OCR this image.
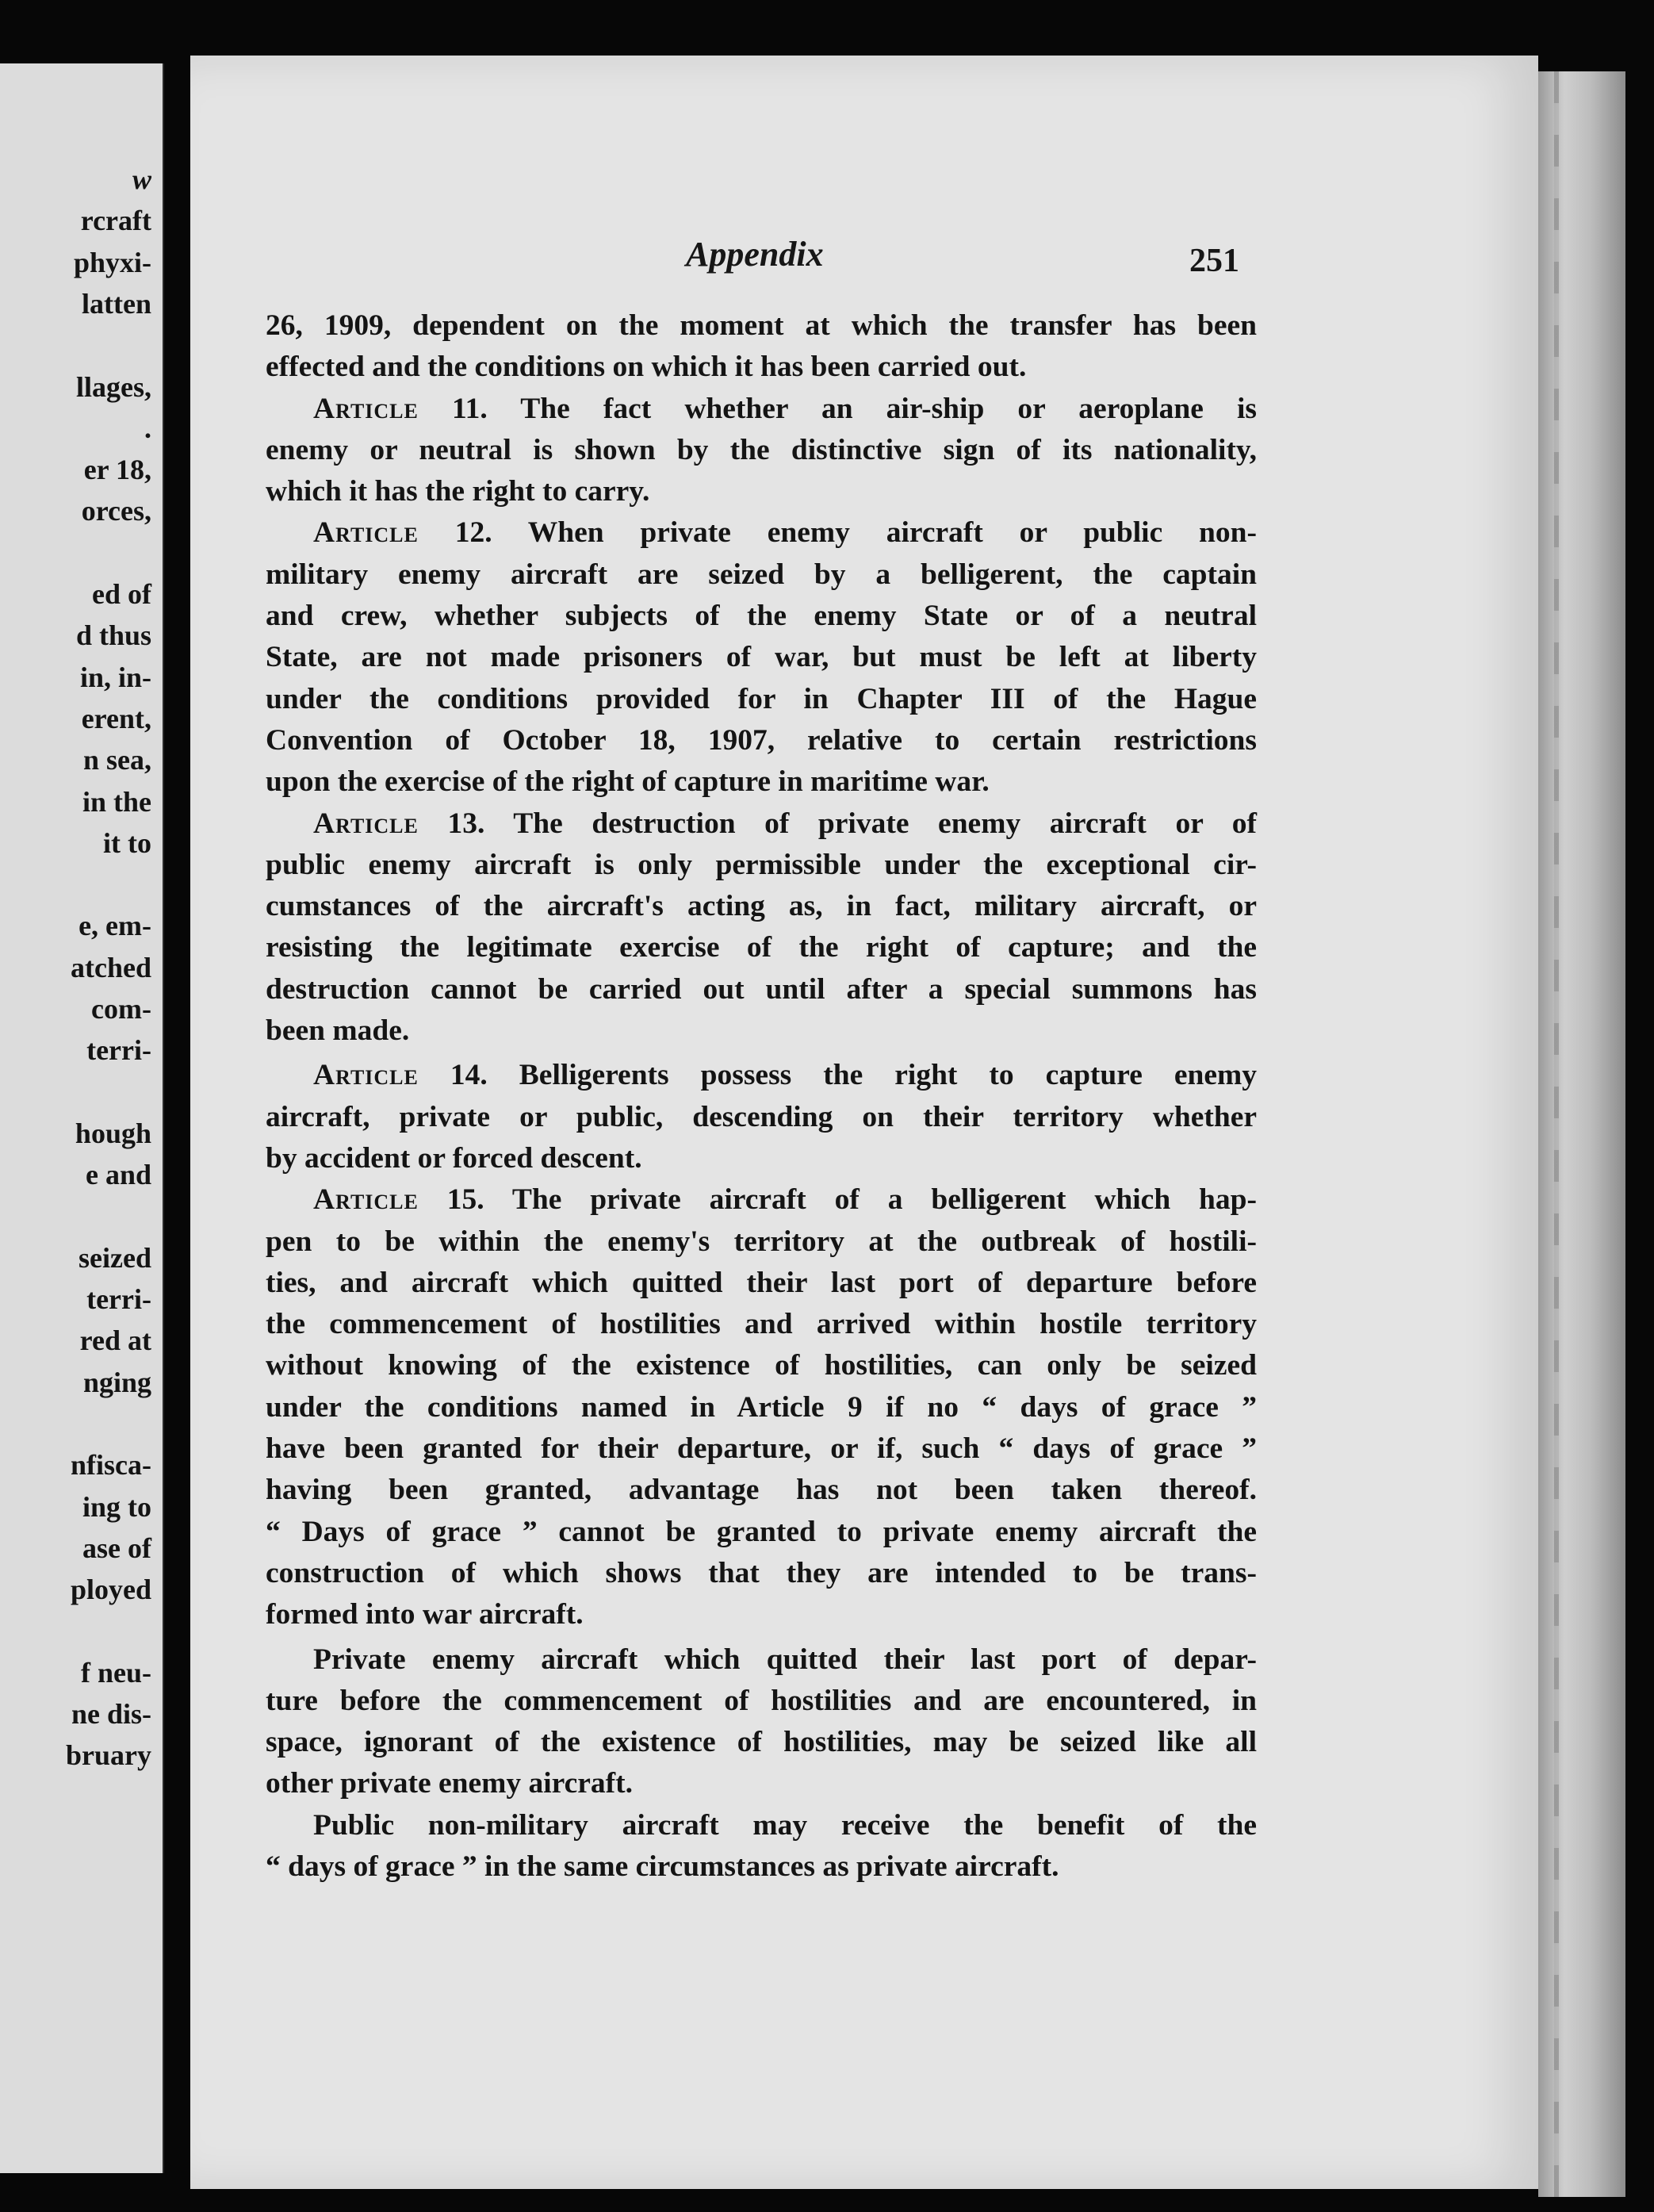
w
rcraft
phyxi-
latten
llages,
.
er 18,
orces,
ed of
d thus
in, in-
erent,
n sea,
in the
it to
e, em-
atched
com-
terri-
hough
e and
seized
terri-
red at
nging
nfisca-
ing to
ase of
ployed
f neu-
ne dis-
bruary
Appendix	251
26, 1909, dependent on the moment at which the transfer has been
effected and the conditions on which it has been carried out.
Article 11. The fact whether an air-ship or aeroplane is
enemy or neutral is shown by the distinctive sign of its nationality,
which it has the right to carry.
Article 12. When private enemy aircraft or public non-
military enemy aircraft are seized by a belligerent, the captain
and crew, whether subjects of the enemy State or of a neutral
State, are not made prisoners of war, but must be left at liberty
under the conditions provided for in Chapter III of the Hague
Convention of October 18, 1907, relative to certain restrictions
upon the exercise of the right of capture in maritime war.
Article 13. The destruction of private enemy aircraft or of
public enemy aircraft is only permissible under the exceptional cir-
cumstances of the aircraft's acting as, in fact, military aircraft, or
resisting the legitimate exercise of the right of capture; and the
destruction cannot be carried out until after a special summons has
been made.
Article 14. Belligerents possess the right to capture enemy
aircraft, private or public, descending on their territory whether
by accident or forced descent.
Article 15. The private aircraft of a belligerent which hap-
pen to be within the enemy's territory at the outbreak of hostili-
ties, and aircraft which quitted their last port of departure before
the commencement of hostilities and arrived within hostile territory
without knowing of the existence of hostilities, can only be seized
under the conditions named in Article 9 if no “ days of grace ”
have been granted for their departure, or if, such “ days of grace ”
having been granted, advantage has not been taken thereof.
“ Days of grace ” cannot be granted to private enemy aircraft the
construction of which shows that they are intended to be trans-
formed into war aircraft.
Private enemy aircraft which quitted their last port of depar-
ture before the commencement of hostilities and are encountered, in
space, ignorant of the existence of hostilities, may be seized like all
other private enemy aircraft.
Public non-military aircraft may receive the benefit of the
“ days of grace ” in the same circumstances as private aircraft.
